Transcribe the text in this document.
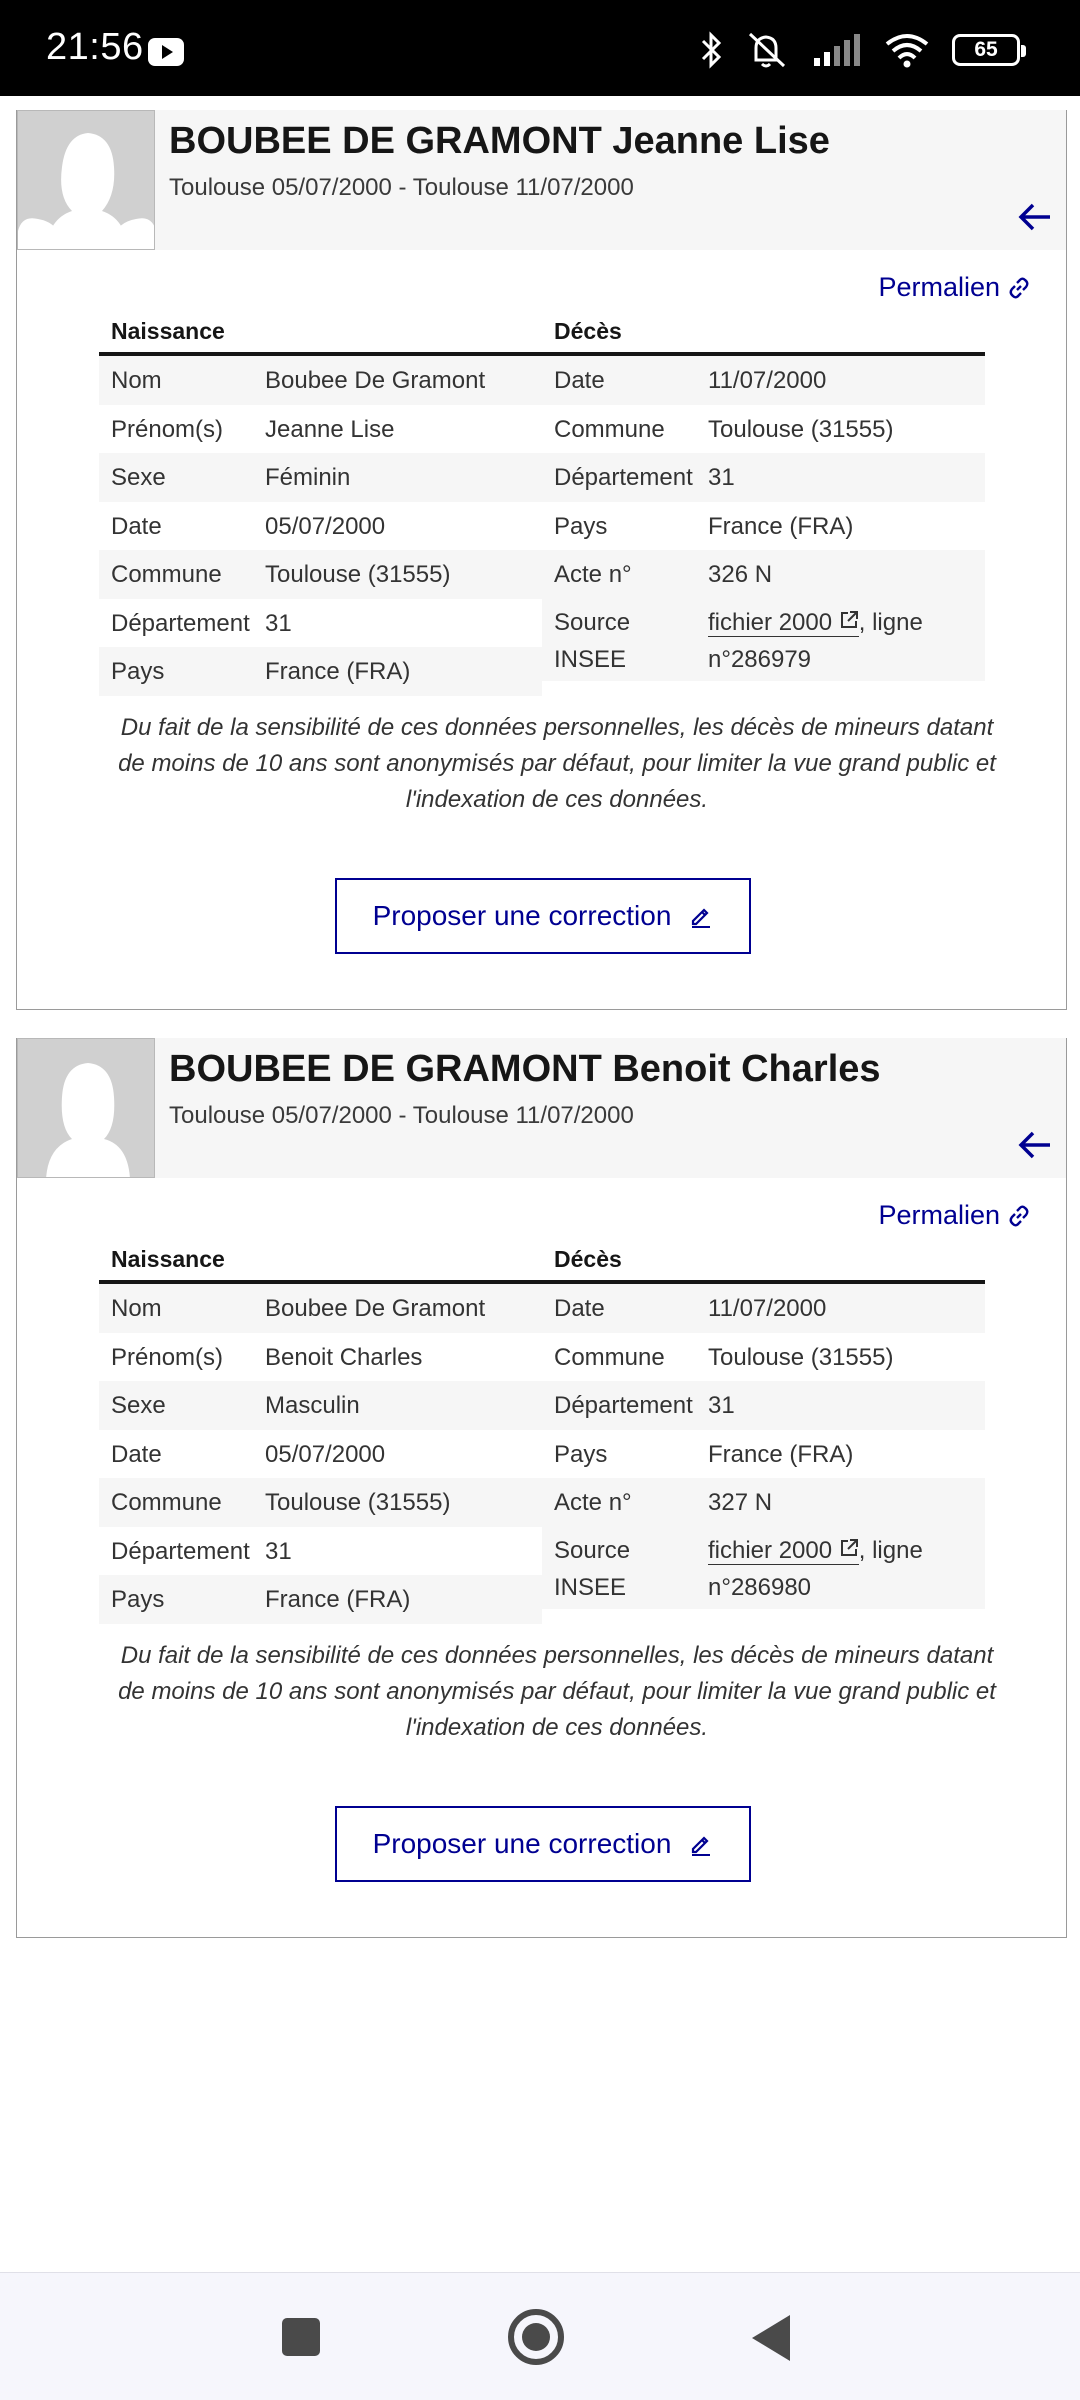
21:56	65
BOUBEE DE GRAMONT Jeanne Lise
Toulouse 05/07/2000 - Toulouse 11/07/2000
Permalien
Naissance
Nom	Boubee De Gramont
Prénom(s)	Jeanne Lise
Sexe	Féminin
Date	05/07/2000
Commune	Toulouse (31555)
Département 31
Pays	France (FRA)
Décès
Date	11/07/2000
Commune	Toulouse (31555)
Département 31
Pays	France (FRA)
Acte n°	326 N
Source INSEE
fichier 2000 , ligne n°286979

Du fait de la sensibilité de ces données personnelles, les décès de mineurs datant de moins de 10 ans sont anonymisés par défaut, pour limiter la vue grand public et l'indexation de ces données.

Proposer une correction
BOUBEE DE GRAMONT Benoit Charles
Toulouse 05/07/2000 - Toulouse 11/07/2000
Permalien
Naissance
Nom	Boubee De Gramont
Prénom(s)	Benoit Charles
Sexe	Masculin
Date	05/07/2000
Commune	Toulouse (31555)
Département 31
Pays	France (FRA)
Décès
Date	11/07/2000
Commune	Toulouse (31555)
Département 31
Pays	France (FRA)
Acte n°	327 N
Source INSEE
fichier 2000 , ligne n°286980

Du fait de la sensibilité de ces données personnelles, les décès de mineurs datant de moins de 10 ans sont anonymisés par défaut, pour limiter la vue grand public et l'indexation de ces données.

Proposer une correction
